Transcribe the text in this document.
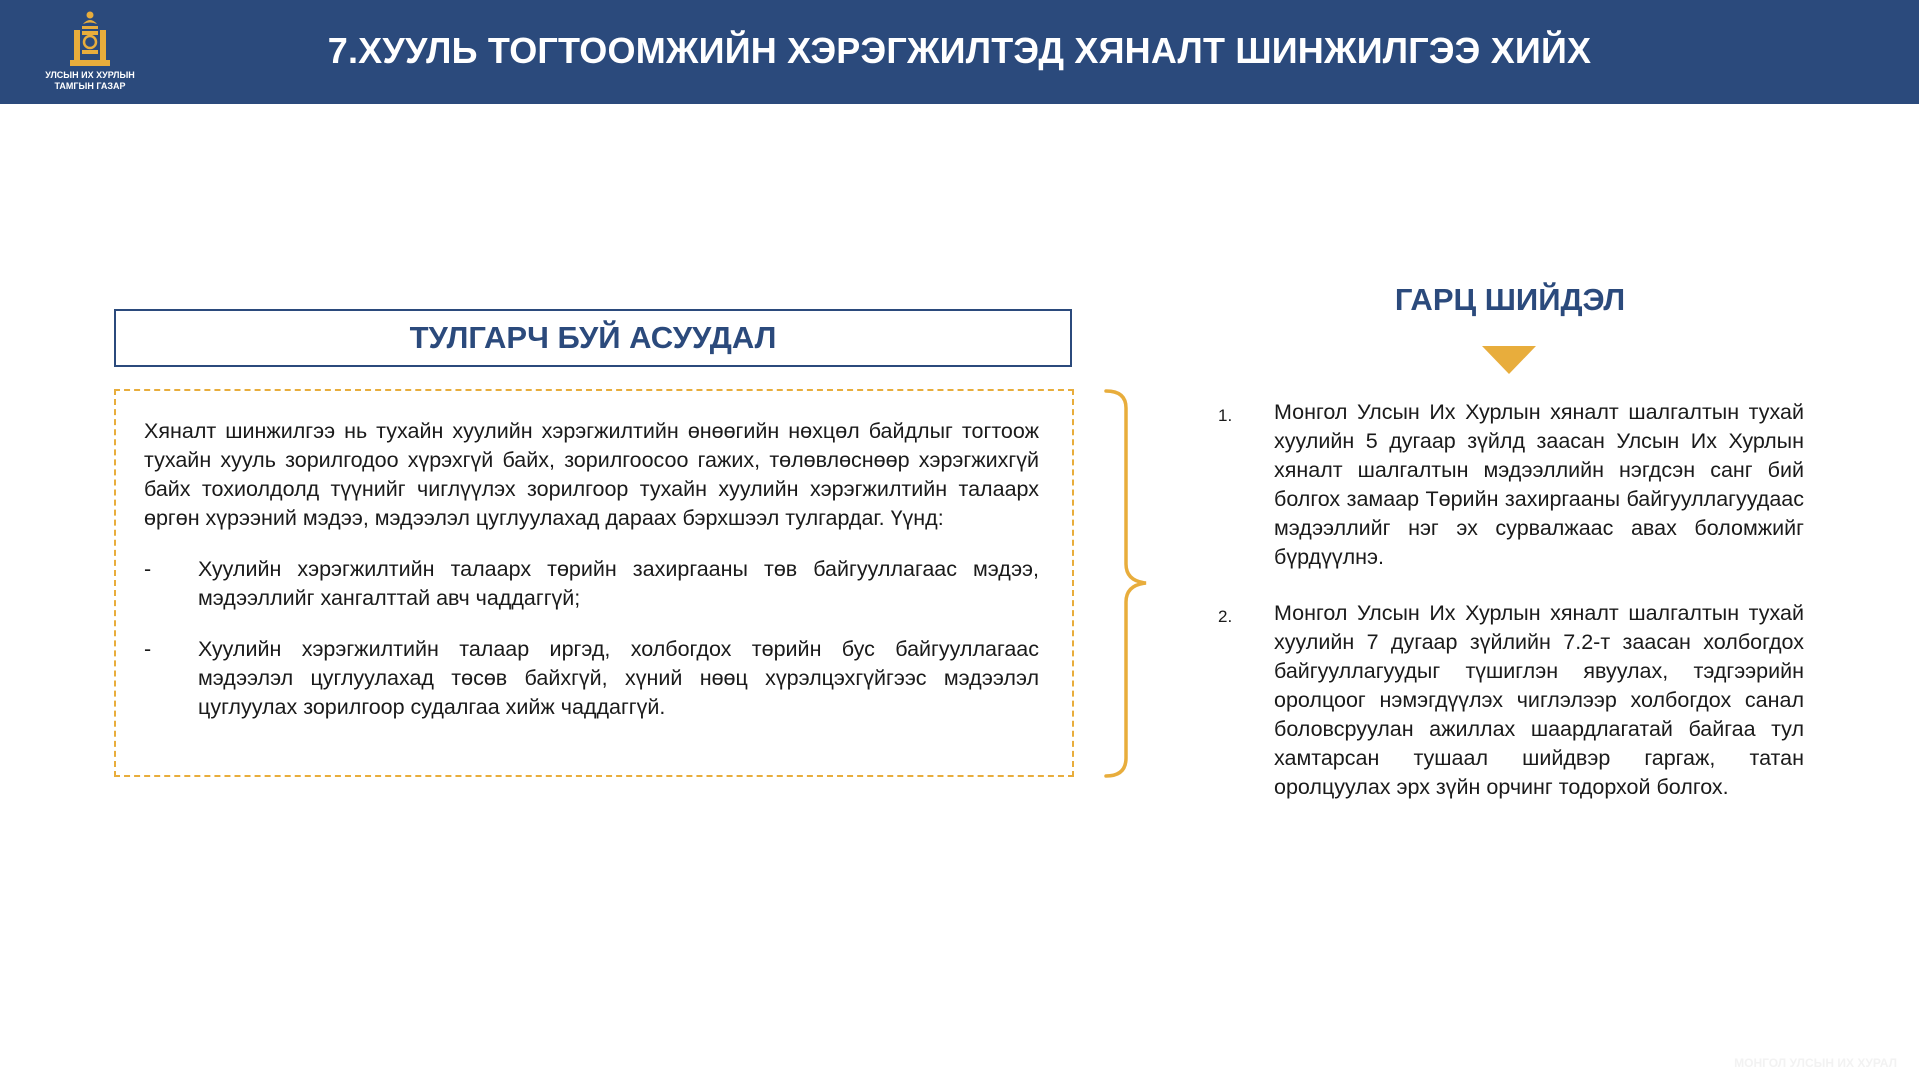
УЛСЫН ИХ ХУРЛЫН
ТАМГЫН ГАЗАР
7.ХУУЛЬ ТОГТООМЖИЙН ХЭРЭГЖИЛТЭД ХЯНАЛТ ШИНЖИЛГЭЭ ХИЙХ
ТУЛГАРЧ БУЙ АСУУДАЛ

Хяналт шинжилгээ нь тухайн хуулийн хэрэгжилтийн өнөөгийн нөхцөл байдлыг тогтоож тухайн хууль зорилгодоо хүрэхгүй байх, зорилгоосоо гажих, төлөвлөснөөр хэрэгжихгүй байх тохиолдолд түүнийг чиглүүлэх зорилгоор тухайн хуулийн хэрэгжилтийн талаарх өргөн хүрээний мэдээ, мэдээлэл цуглуулахад дараах бэрхшээл тулгардаг. Үүнд:

-	Хуулийн хэрэгжилтийн талаарх төрийн захиргааны төв байгууллагаас мэдээ, мэдээллийг хангалттай авч чаддаггүй;
-	Хуулийн хэрэгжилтийн талаар иргэд, холбогдох төрийн бус байгууллагаас мэдээлэл цуглуулахад төсөв байхгүй, хүний нөөц хүрэлцэхгүйгээс мэдээлэл цуглуулах зорилгоор судалгаа хийж чаддаггүй.
ГАРЦ ШИЙДЭЛ
1.	Монгол Улсын Их Хурлын хяналт шалгалтын тухай хуулийн 5 дугаар зүйлд заасан Улсын Их Хурлын хяналт шалгалтын мэдээллийн нэгдсэн санг бий болгох замаар Төрийн захиргааны байгууллагуудаас мэдээллийг нэг эх сурвалжаас авах боломжийг бүрдүүлнэ.
2.	Монгол Улсын Их Хурлын хяналт шалгалтын тухай хуулийн 7 дугаар зүйлийн 7.2-т заасан холбогдох байгууллагуудыг түшиглэн явуулах, тэдгээрийн оролцоог нэмэгдүүлэх чиглэлээр холбогдох санал боловсруулан ажиллах шаардлагатай байгаа тул хамтарсан тушаал шийдвэр гаргаж, татан оролцуулах эрх зүйн орчинг тодорхой болгох.
МОНГОЛ УЛСЫН ИХ ХУРАЛ
